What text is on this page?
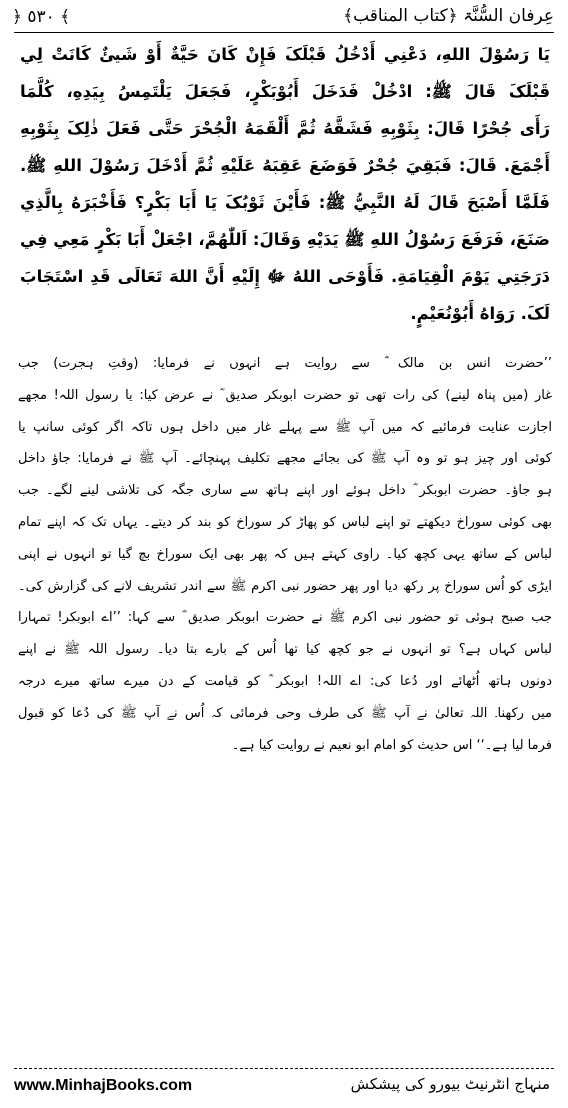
﴾ ٥٣٠ ﴿	عِرفان السُّنَّۃ ﴿کتاب المناقب﴾
يَا رَسُوْلَ اللهِ، دَعْنِي أَدْخُلُ قَبْلَکَ فَإِنْ کَانَ حَيَّةٌ أَوْ شَيئٌ کَانَتْ لِي
قَبْلَکَ قَالَ ﷺ: ادْخُلْ فَدَخَلَ أَبُوْبَکْرٍ، فَجَعَلَ يَلْتَمِسُ بِيَدِهِ، کُلَّمَا
رَأَی جُحْرًا قَالَ: بِثَوْبِهِ فَشَقَّهُ ثُمَّ أَلْقَمَهُ الْجُحْرَ حَتَّی فَعَلَ ذٰلِکَ بِثَوْبِهِ
أَجْمَعَ. قَالَ: فَبَقِيَ جُحْرٌ فَوَضَعَ عَقِبَهُ عَلَيْهِ ثُمَّ أَدْخَلَ رَسُوْلَ اللهِ ﷺ.
فَلَمَّا أَصْبَحَ قَالَ لَهُ النَّبِيُّ ﷺ: فَأَيْنَ ثَوْبُکَ يَا أَبَا بَکْرٍ؟ فَأَخْبَرَهُ بِالَّذِي
صَنَعَ، فَرَفَعَ رَسُوْلُ اللهِ ﷺ يَدَيْهِ وَقَالَ: اَللّٰهُمَّ، اجْعَلْ أَبَا بَکْرٍ مَعِي فِي
دَرَجَتِي يَوْمَ الْقِيَامَةِ. فَأَوْحَی اللهُ ﷻ إِلَيْهِ أَنَّ اللهَ تَعَالَی قَدِ اسْتَجَابَ
لَکَ. رَوَاهُ أَبُوْنُعَيْمٍ.
’’حضرت انس بن مالک ؓ سے روایت ہے انہوں نے فرمایا: (وقتِ ہجرت) جب
غار (میں پناہ لینے) کی رات تھی تو حضرت ابوبکر صدیق ؓ نے عرض کیا: یا رسول اللہ! مجھے
اجازت عنایت فرمائیے کہ میں آپ ﷺ سے پہلے غار میں داخل ہوں تاکہ اگر کوئی سانپ یا
کوئی اور چیز ہو تو وہ آپ ﷺ کی بجائے مجھے تکلیف پہنچائے۔ آپ ﷺ نے فرمایا: جاؤ داخل
ہو جاؤ۔ حضرت ابوبکر ؓ داخل ہوئے اور اپنے ہاتھ سے ساری جگہ کی تلاشی لینے لگے۔ جب
بھی کوئی سوراخ دیکھتے تو اپنے لباس کو پھاڑ کر سوراخ کو بند کر دیتے۔ یہاں تک کہ اپنے تمام
لباس کے ساتھ یہی کچھ کیا۔ راوی کہتے ہیں کہ پھر بھی ایک سوراخ بچ گیا تو انہوں نے اپنی
ایڑی کو اُس سوراخ پر رکھ دیا اور پھر حضور نبی اکرم ﷺ سے اندر تشریف لانے کی گزارش کی۔
جب صبح ہوئی تو حضور نبی اکرم ﷺ نے حضرت ابوبکر صدیق ؓ سے کہا: ’’اے ابوبکر! تمہارا
لباس کہاں ہے؟ تو انہوں نے جو کچھ کیا تھا اُس کے بارے بتا دیا۔ رسول اللہ ﷺ نے اپنے
دونوں ہاتھ اُٹھائے اور دُعا کی: اے اللہ! ابوبکر ؓ کو قیامت کے دن میرے ساتھ میرے درجہ
میں رکھنا۔ اللہ تعالیٰ نے آپ ﷺ کی طرف وحی فرمائی کہ اُس نے آپ ﷺ کی دُعا کو قبول
فرما لیا ہے۔‘‘ اس حدیث کو امام ابو نعیم نے روایت کیا ہے۔
www.MinhajBooks.com	منہاج انٹرنیٹ بیورو کی پیشکش
